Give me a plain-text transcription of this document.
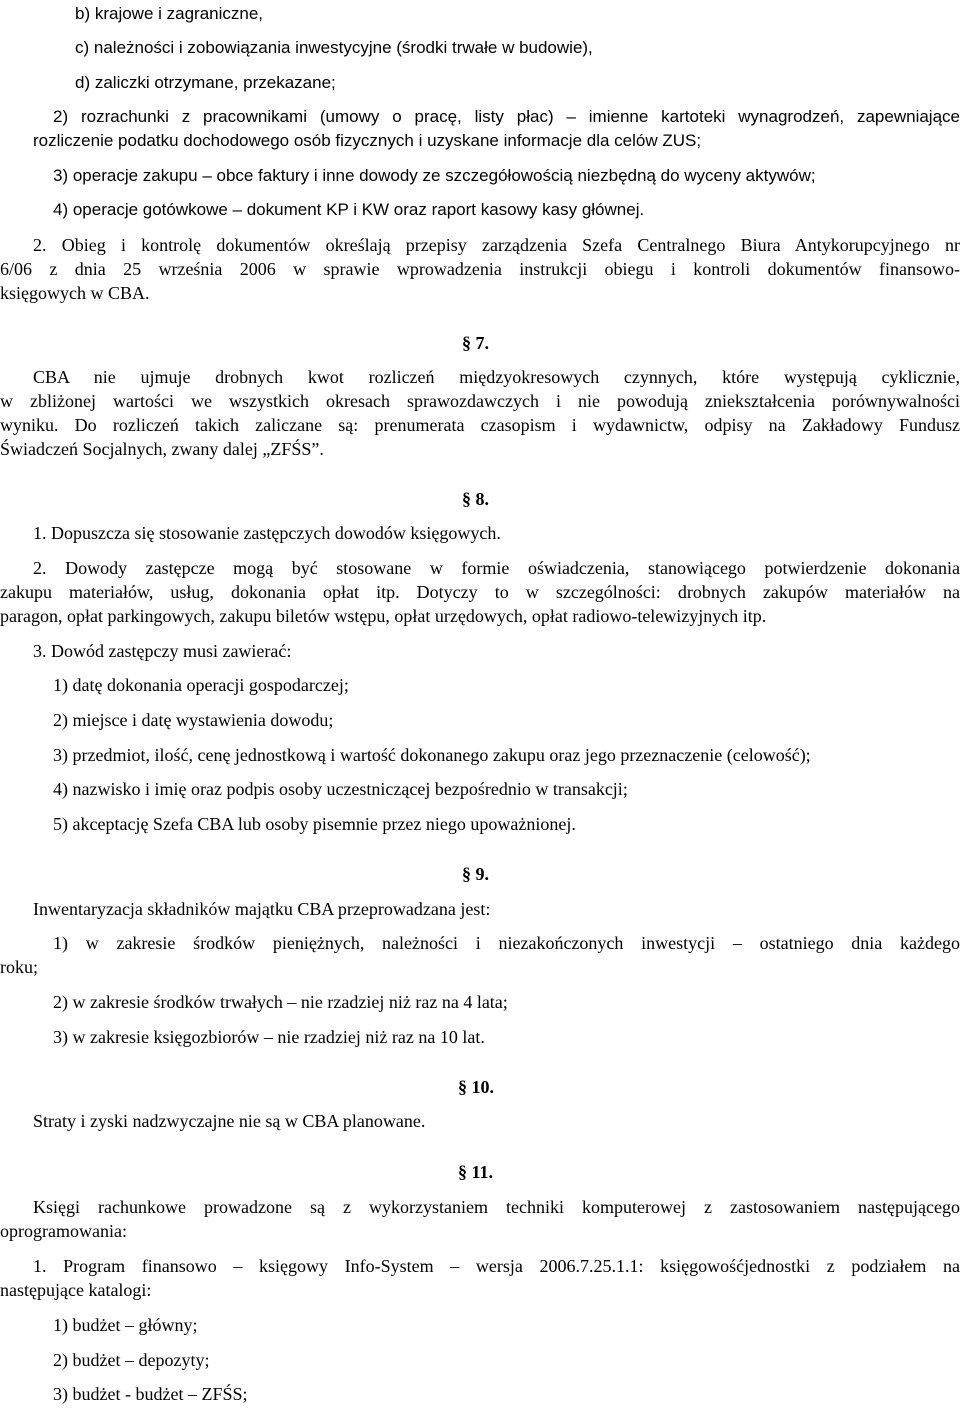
b) krajowe i zagraniczne,

c) należności i zobowiązania inwestycyjne (środki trwałe w budowie),

d) zaliczki otrzymane, przekazane;

2) rozrachunki z pracownikami (umowy o pracę, listy płac) – imienne kartoteki wynagrodzeń, zapewniające

rozliczenie podatku dochodowego osób fizycznych i uzyskane informacje dla celów ZUS;

3) operacje zakupu – obce faktury i inne dowody ze szczegółowością niezbędną do wyceny aktywów;

4) operacje gotówkowe – dokument KP i KW oraz raport kasowy kasy głównej.

2. Obieg i kontrolę dokumentów określają przepisy zarządzenia Szefa Centralnego Biura Antykorupcyjnego nr

6/06 z dnia 25 września 2006 w sprawie wprowadzenia instrukcji obiegu i kontroli dokumentów finansowo-

księgowych w CBA.

§ 7.

CBA nie ujmuje drobnych kwot rozliczeń międzyokresowych czynnych, które występują cyklicznie,

w zbliżonej wartości we wszystkich okresach sprawozdawczych i nie powodują zniekształcenia porównywalności

wyniku. Do rozliczeń takich zaliczane są: prenumerata czasopism i wydawnictw, odpisy na Zakładowy Fundusz

Świadczeń Socjalnych, zwany dalej „ZFŚS”.

§ 8.

1. Dopuszcza się stosowanie zastępczych dowodów księgowych.

2. Dowody zastępcze mogą być stosowane w formie oświadczenia, stanowiącego potwierdzenie dokonania

zakupu materiałów, usług, dokonania opłat itp. Dotyczy to w szczególności: drobnych zakupów materiałów na

paragon, opłat parkingowych, zakupu biletów wstępu, opłat urzędowych, opłat radiowo-telewizyjnych itp.

3. Dowód zastępczy musi zawierać:

1) datę dokonania operacji gospodarczej;

2) miejsce i datę wystawienia dowodu;

3) przedmiot, ilość, cenę jednostkową i wartość dokonanego zakupu oraz jego przeznaczenie (celowość);

4) nazwisko i imię oraz podpis osoby uczestniczącej bezpośrednio w transakcji;

5) akceptację Szefa CBA lub osoby pisemnie przez niego upoważnionej.

§ 9.

Inwentaryzacja składników majątku CBA przeprowadzana jest:

1) w zakresie środków pieniężnych, należności i niezakończonych inwestycji – ostatniego dnia każdego

roku;

2) w zakresie środków trwałych – nie rzadziej niż raz na 4 lata;

3) w zakresie księgozbiorów – nie rzadziej niż raz na 10 lat.

§ 10.

Straty i zyski nadzwyczajne nie są w CBA planowane.

§ 11.

Księgi rachunkowe prowadzone są z wykorzystaniem techniki komputerowej z zastosowaniem następującego

oprogramowania:

1. Program finansowo – księgowy Info-System – wersja 2006.7.25.1.1: księgowośćjednostki z podziałem na

następujące katalogi:

1) budżet – główny;

2) budżet – depozyty;

3) budżet - budżet – ZFŚS;
